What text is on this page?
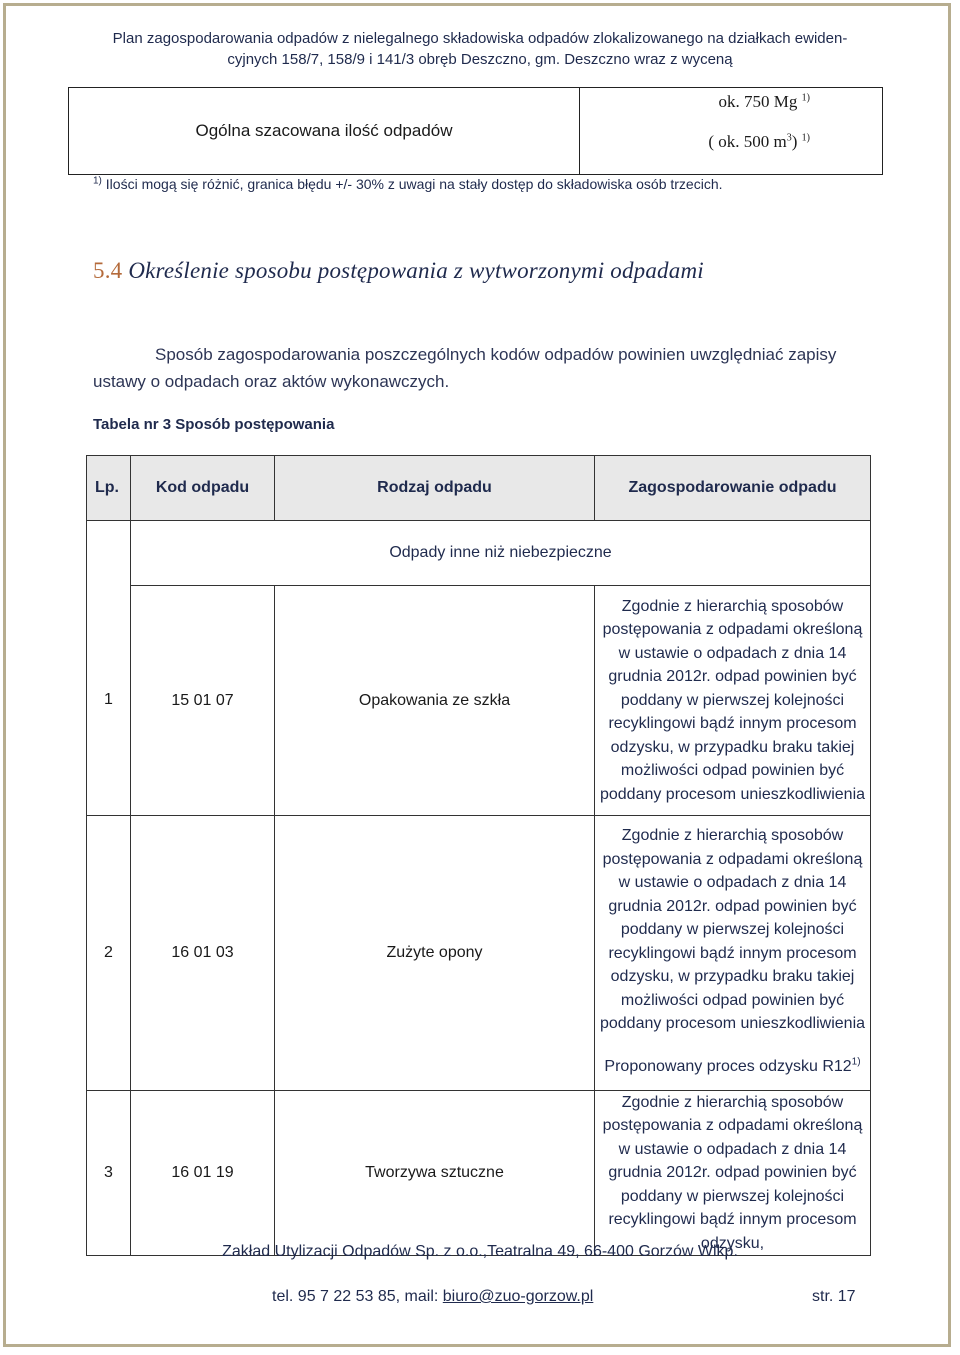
Plan zagospodarowania odpadów z nielegalnego składowiska odpadów zlokalizowanego na działkach ewiden-
cyjnych 158/7, 158/9 i 141/3 obręb Deszczno, gm. Deszczno wraz z wyceną
Ogólna szacowana ilość odpadów
ok. 750 Mg $^{1)}$
( ok. 500 $m^3$) $^{1)}$
$^{1)}$ Ilości mogą się różnić, granica błędu +/- 30% z uwagi na stały dostęp do składowiska osób trzecich.
5.4 Określenie sposobu postępowania z wytworzonymi odpadami
Sposób zagospodarowania poszczególnych kodów odpadów powinien uwzględniać zapisy ustawy o odpadach oraz aktów wykonawczych.
Tabela nr 3 Sposób postępowania
Lp.	Kod odpadu	Rodzaj odpadu	Zagospodarowanie odpadu
	Odpady inne niż niebezpieczne		
1	15 01 07	Opakowania ze szkła	Zgodnie z hierarchią sposobów postępowania z odpadami określoną w ustawie o odpadach z dnia 14 grudnia 2012r. odpad powinien być poddany w pierwszej kolejności recyklingowi bądź innym procesom odzysku, w przypadku braku takiej możliwości odpad powinien być poddany procesom unieszkodliwienia
2	16 01 03	Zużyte opony	Zgodnie z hierarchią sposobów postępowania z odpadami określoną w ustawie o odpadach z dnia 14 grudnia 2012r. odpad powinien być poddany w pierwszej kolejności recyklingowi bądź innym procesom odzysku, w przypadku braku takiej możliwości odpad powinien być poddany procesom unieszkodliwienia
			Proponowany proces odzysku R12$^{1)}$
3	16 01 19	Tworzywa sztuczne	Zgodnie z hierarchią sposobów postępowania z odpadami określoną w ustawie o odpadach z dnia 14 grudnia 2012r. odpad powinien być poddany w pierwszej kolejności recyklingowi bądź innym procesom odzysku,
Zakład Utylizacji Odpadów Sp. z o.o.,Teatralna 49, 66-400 Gorzów Wlkp.
tel. 95 7 22 53 85, mail: biuro@zuo-gorzow.pl	str. 17
